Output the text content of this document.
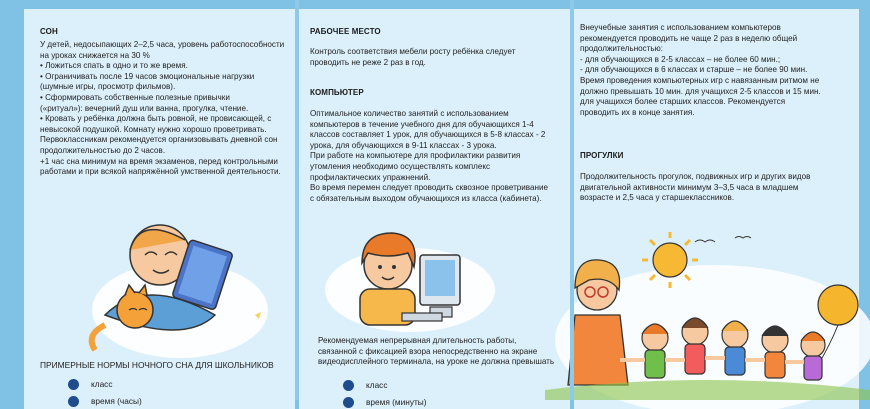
СОН
У детей, недосыпающих 2–2,5 часа, уровень работоспособности
на уроках снижается на 30 %
• Ложиться спать в одно и то же время.
• Ограничивать после 19 часов эмоциональные нагрузки
(шумные игры, просмотр фильмов).
• Сформировать собственные полезные привычки
(«ритуал»): вечерний душ или ванна, прогулка, чтение.
• Кровать у ребёнка должна быть ровной, не провисающей, с
невысокой подушкой. Комнату нужно хорошо проветривать.
Первоклассникам рекомендуется организовывать дневной сон
продолжительностью до 2 часов.
+1 час сна минимум на время экзаменов, перед контрольными
работами и при всякой напряжённой умственной деятельности.
ПРИМЕРНЫЕ НОРМЫ НОЧНОГО СНА ДЛЯ ШКОЛЬНИКОВ
класс
время (часы)
РАБОЧЕЕ МЕСТО
Контроль соответствия мебели росту ребёнка следует
проводить не реже 2 раз в год.
КОМПЬЮТЕР
Оптимальное количество занятий с использованием
компьютеров в течение учебного дня для обучающихся 1-4
классов составляет 1 урок, для обучающихся в 5-8 классах - 2
урока, для обучающихся в 9-11 классах - 3 урока.
При работе на компьютере для профилактики развития
утомления необходимо осуществлять комплекс
профилактических упражнений.
Во время перемен следует проводить сквозное проветривание
с обязательным выходом обучающихся из класса (кабинета).
Рекомендуемая непрерывная длительность работы,
связанной с фиксацией взора непосредственно на экране
видеодисплейного терминала, на уроке не должна превышать
класс
время (минуты)
Внеучебные занятия с использованием компьютеров
рекомендуется проводить не чаще 2 раз в неделю общей
продолжительностью:
- для обучающихся в 2-5 классах – не более 60 мин.;
- для обучающихся в 6 классах и старше – не более 90 мин.
Время проведения компьютерных игр с навязанным ритмом не
должно превышать 10 мин. для учащихся 2-5 классов и 15 мин.
для учащихся более старших классов. Рекомендуется
проводить их в конце занятия.
ПРОГУЛКИ
Продолжительность прогулок, подвижных игр и других видов
двигательной активности минимум 3–3,5 часа в младшем
возрасте и 2,5 часа у старшеклассников.
